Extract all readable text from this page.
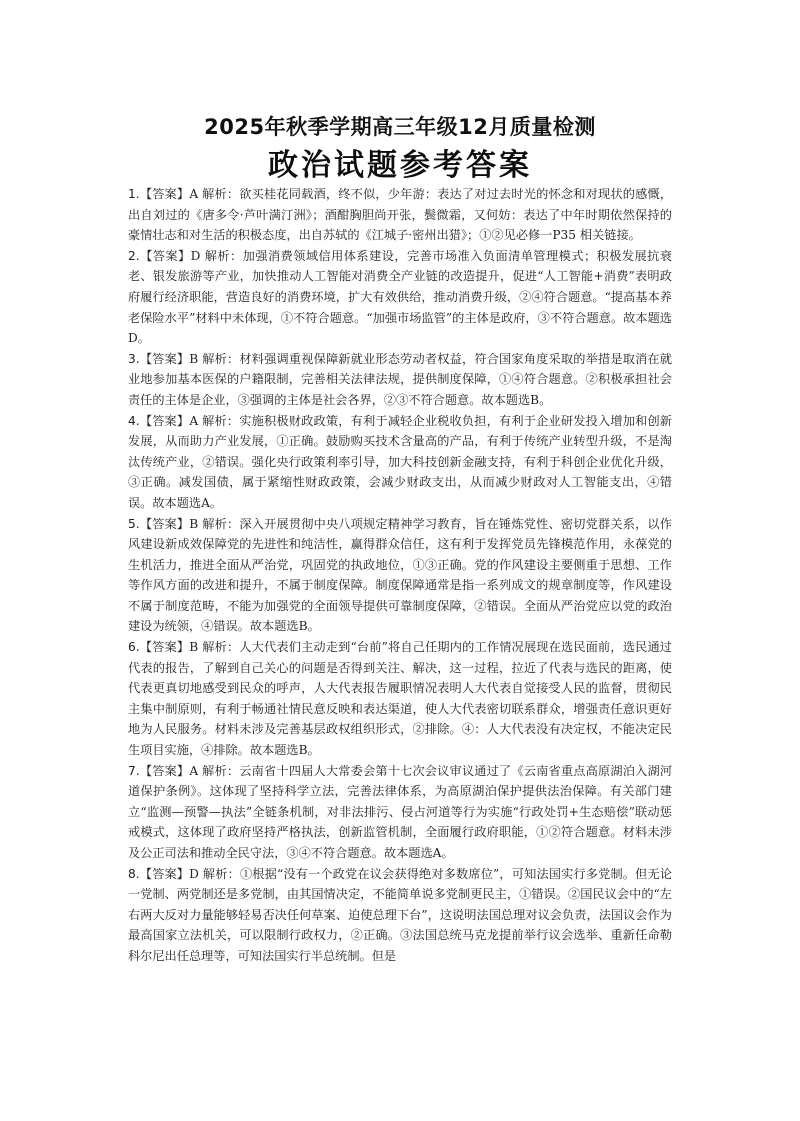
2025年秋季学期高三年级12月质量检测
政治试题参考答案

1.【答案】A 解析：欲买桂花同载酒，终不似，少年游：表达了对过去时光的怀念和对现状的感慨，出自刘过的《唐多令·芦叶满汀洲》；酒酣胸胆尚开张，鬓微霜，又何妨：表达了中年时期依然保持的豪情壮志和对生活的积极态度，出自苏轼的《江城子·密州出猎》；①②见必修一P35 相关链接。

2.【答案】D 解析：加强消费领域信用体系建设，完善市场准入负面清单管理模式；积极发展抗衰老、银发旅游等产业，加快推动人工智能对消费全产业链的改造提升，促进“人工智能+消费”表明政府履行经济职能，营造良好的消费环境，扩大有效供给，推动消费升级，②④符合题意。“提高基本养老保险水平”材料中未体现，①不符合题意。“加强市场监管”的主体是政府，③不符合题意。故本题选D。

3.【答案】B 解析：材料强调重视保障新就业形态劳动者权益，符合国家角度采取的举措是取消在就业地参加基本医保的户籍限制，完善相关法律法规，提供制度保障，①④符合题意。②积极承担社会责任的主体是企业，③强调的主体是社会各界，②③不符合题意。故本题选B。

4.【答案】A 解析：实施积极财政政策，有利于减轻企业税收负担，有利于企业研发投入增加和创新发展，从而助力产业发展，①正确。鼓励购买技术含量高的产品，有利于传统产业转型升级，不是淘汰传统产业，②错误。强化央行政策利率引导，加大科技创新金融支持，有利于科创企业优化升级，③正确。减发国债，属于紧缩性财政政策，会减少财政支出，从而减少财政对人工智能支出，④错误。故本题选A。

5.【答案】B 解析：深入开展贯彻中央八项规定精神学习教育，旨在锤炼党性、密切党群关系，以作风建设新成效保障党的先进性和纯洁性，赢得群众信任，这有利于发挥党员先锋模范作用，永葆党的生机活力，推进全面从严治党，巩固党的执政地位，①③正确。党的作风建设主要侧重于思想、工作等作风方面的改进和提升，不属于制度保障。制度保障通常是指一系列成文的规章制度等，作风建设不属于制度范畴，不能为加强党的全面领导提供可靠制度保障，②错误。全面从严治党应以党的政治建设为统领，④错误。故本题选B。

6.【答案】B 解析：人大代表们主动走到“台前”将自己任期内的工作情况展现在选民面前，选民通过代表的报告，了解到自己关心的问题是否得到关注、解决，这一过程，拉近了代表与选民的距离，使代表更真切地感受到民众的呼声，人大代表报告履职情况表明人大代表自觉接受人民的监督，贯彻民主集中制原则，有利于畅通社情民意反映和表达渠道，使人大代表密切联系群众，增强责任意识更好地为人民服务。材料未涉及完善基层政权组织形式，②排除。④：人大代表没有决定权，不能决定民生项目实施，④排除。故本题选B。

7.【答案】A 解析：云南省十四届人大常委会第十七次会议审议通过了《云南省重点高原湖泊入湖河道保护条例》。这体现了坚持科学立法，完善法律体系，为高原湖泊保护提供法治保障。有关部门建立“监测—预警—执法”全链条机制，对非法排污、侵占河道等行为实施“行政处罚+生态赔偿”联动惩戒模式，这体现了政府坚持严格执法，创新监管机制，全面履行政府职能，①②符合题意。材料未涉及公正司法和推动全民守法，③④不符合题意。故本题选A。

8.【答案】D 解析：①根据“没有一个政党在议会获得绝对多数席位”，可知法国实行多党制。但无论一党制、两党制还是多党制，由其国情决定，不能简单说多党制更民主，①错误。②国民议会中的“左右两大反对力量能够轻易否决任何草案、迫使总理下台”，这说明法国总理对议会负责，法国议会作为最高国家立法机关，可以限制行政权力，②正确。③法国总统马克龙提前举行议会选举、重新任命勒科尔尼出任总理等，可知法国实行半总统制。但是
